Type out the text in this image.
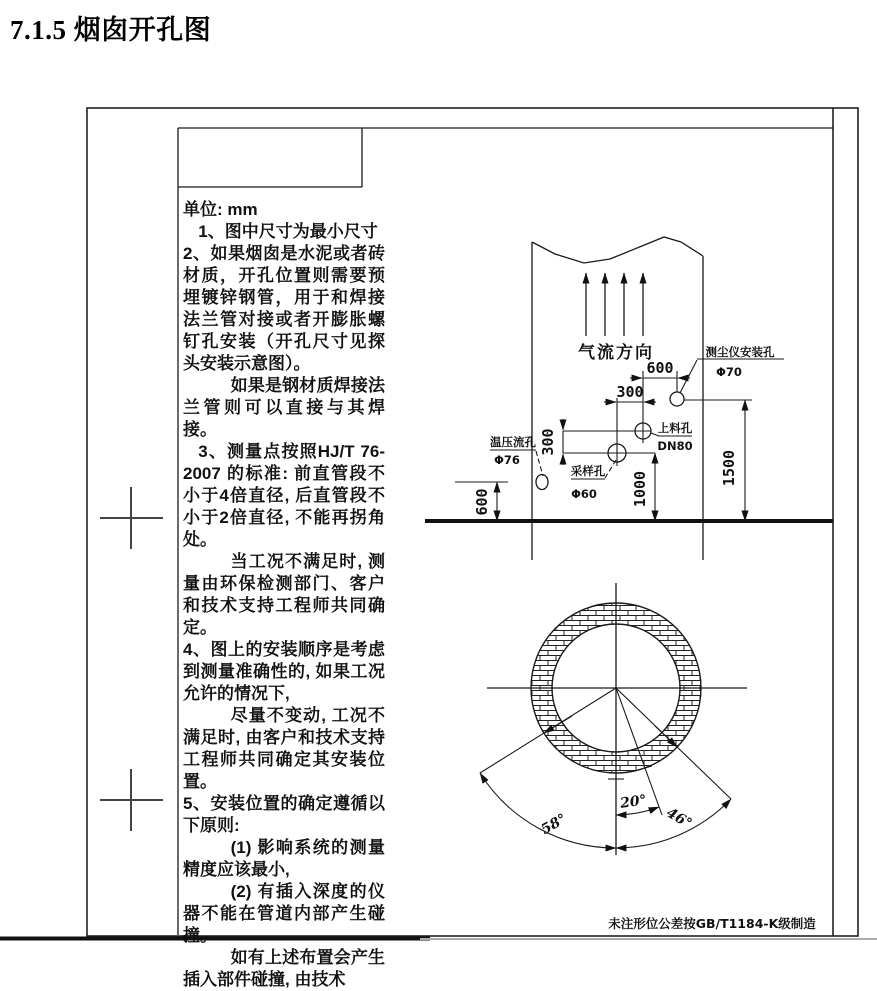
气流方向
300
600
300
1000
1500
600
测尘仪安装孔
Φ70
温压流孔
Φ76
采样孔
Φ60
上料孔
DN80
20°
58°	46°
未注形位公差按GB/T1184-K级制造
7.1.5 烟囱开孔图

单位: mm

1、图中尺寸为最小尺寸

2、如果烟囱是水泥或者砖材质，开孔位置则需要预埋镀锌钢管，用于和焊接法兰管对接或者开膨胀螺钉孔安装（开孔尺寸见探头安装示意图）。

如果是钢材质焊接法兰管则可以直接与其焊接。

3、测量点按照HJ/T 76-2007 的标准: 前直管段不小于4倍直径, 后直管段不小于2倍直径, 不能再拐角处。

当工况不满足时, 测量由环保检测部门、客户和技术支持工程师共同确定。

4、图上的安装顺序是考虑到测量准确性的, 如果工况允许的情况下,

尽量不变动, 工况不满足时, 由客户和技术支持工程师共同确定其安装位置。

5、安装位置的确定遵循以下原则:

(1) 影响系统的测量精度应该最小,

(2) 有插入深度的仪器不能在管道内部产生碰撞。

如有上述布置会产生插入部件碰撞, 由技术
